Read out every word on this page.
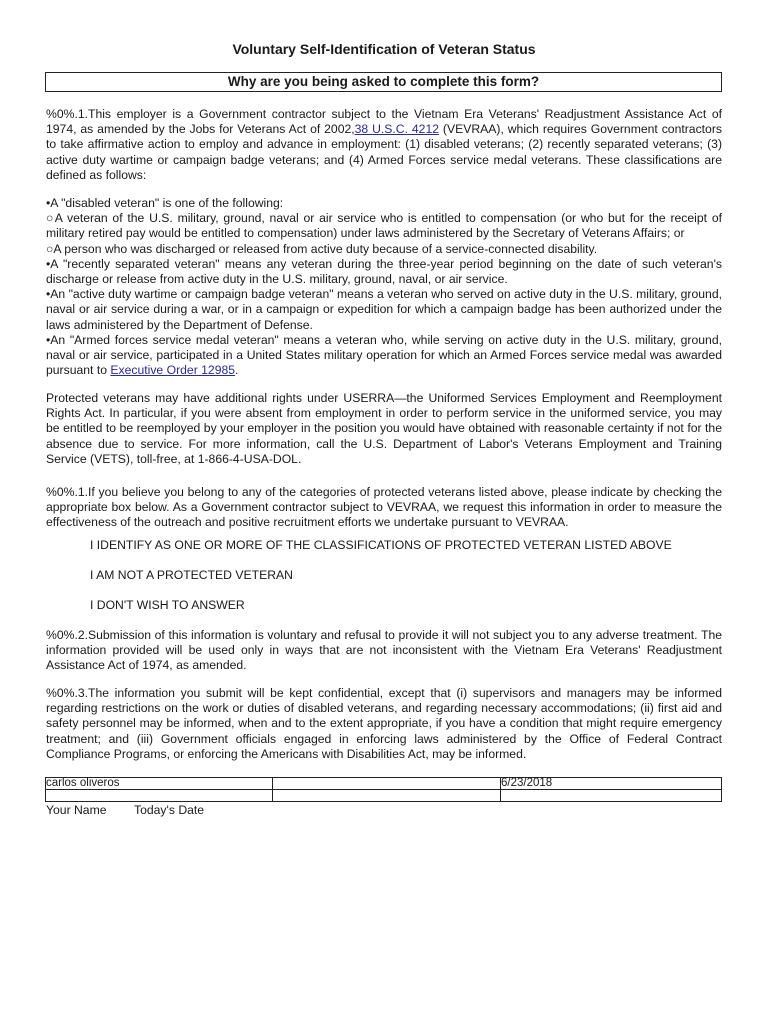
Voluntary Self-Identification of Veteran Status
Why are you being asked to complete this form?
%0%.1.This employer is a Government contractor subject to the Vietnam Era Veterans' Readjustment Assistance Act of 1974, as amended by the Jobs for Veterans Act of 2002,38 U.S.C. 4212 (VEVRAA), which requires Government contractors to take affirmative action to employ and advance in employment: (1) disabled veterans; (2) recently separated veterans; (3) active duty wartime or campaign badge veterans; and (4) Armed Forces service medal veterans. These classifications are defined as follows:
•A "disabled veteran" is one of the following:
○A veteran of the U.S. military, ground, naval or air service who is entitled to compensation (or who but for the receipt of military retired pay would be entitled to compensation) under laws administered by the Secretary of Veterans Affairs; or
○A person who was discharged or released from active duty because of a service-connected disability.
•A "recently separated veteran" means any veteran during the three-year period beginning on the date of such veteran's discharge or release from active duty in the U.S. military, ground, naval, or air service.
•An "active duty wartime or campaign badge veteran" means a veteran who served on active duty in the U.S. military, ground, naval or air service during a war, or in a campaign or expedition for which a campaign badge has been authorized under the laws administered by the Department of Defense.
•An "Armed forces service medal veteran" means a veteran who, while serving on active duty in the U.S. military, ground, naval or air service, participated in a United States military operation for which an Armed Forces service medal was awarded pursuant to Executive Order 12985.
Protected veterans may have additional rights under USERRA—the Uniformed Services Employment and Reemployment Rights Act. In particular, if you were absent from employment in order to perform service in the uniformed service, you may be entitled to be reemployed by your employer in the position you would have obtained with reasonable certainty if not for the absence due to service. For more information, call the U.S. Department of Labor's Veterans Employment and Training Service (VETS), toll-free, at 1-866-4-USA-DOL.
%0%.1.If you believe you belong to any of the categories of protected veterans listed above, please indicate by checking the appropriate box below. As a Government contractor subject to VEVRAA, we request this information in order to measure the effectiveness of the outreach and positive recruitment efforts we undertake pursuant to VEVRAA.
I IDENTIFY AS ONE OR MORE OF THE CLASSIFICATIONS OF PROTECTED VETERAN LISTED ABOVE
I AM NOT A PROTECTED VETERAN
I DON'T WISH TO ANSWER
%0%.2.Submission of this information is voluntary and refusal to provide it will not subject you to any adverse treatment. The information provided will be used only in ways that are not inconsistent with the Vietnam Era Veterans' Readjustment Assistance Act of 1974, as amended.
%0%.3.The information you submit will be kept confidential, except that (i) supervisors and managers may be informed regarding restrictions on the work or duties of disabled veterans, and regarding necessary accommodations; (ii) first aid and safety personnel may be informed, when and to the extent appropriate, if you have a condition that might require emergency treatment; and (iii) Government officials engaged in enforcing laws administered by the Office of Federal Contract Compliance Programs, or enforcing the Americans with Disabilities Act, may be informed.
carlos oliveros		6/23/2018

Your Name Today's Date
